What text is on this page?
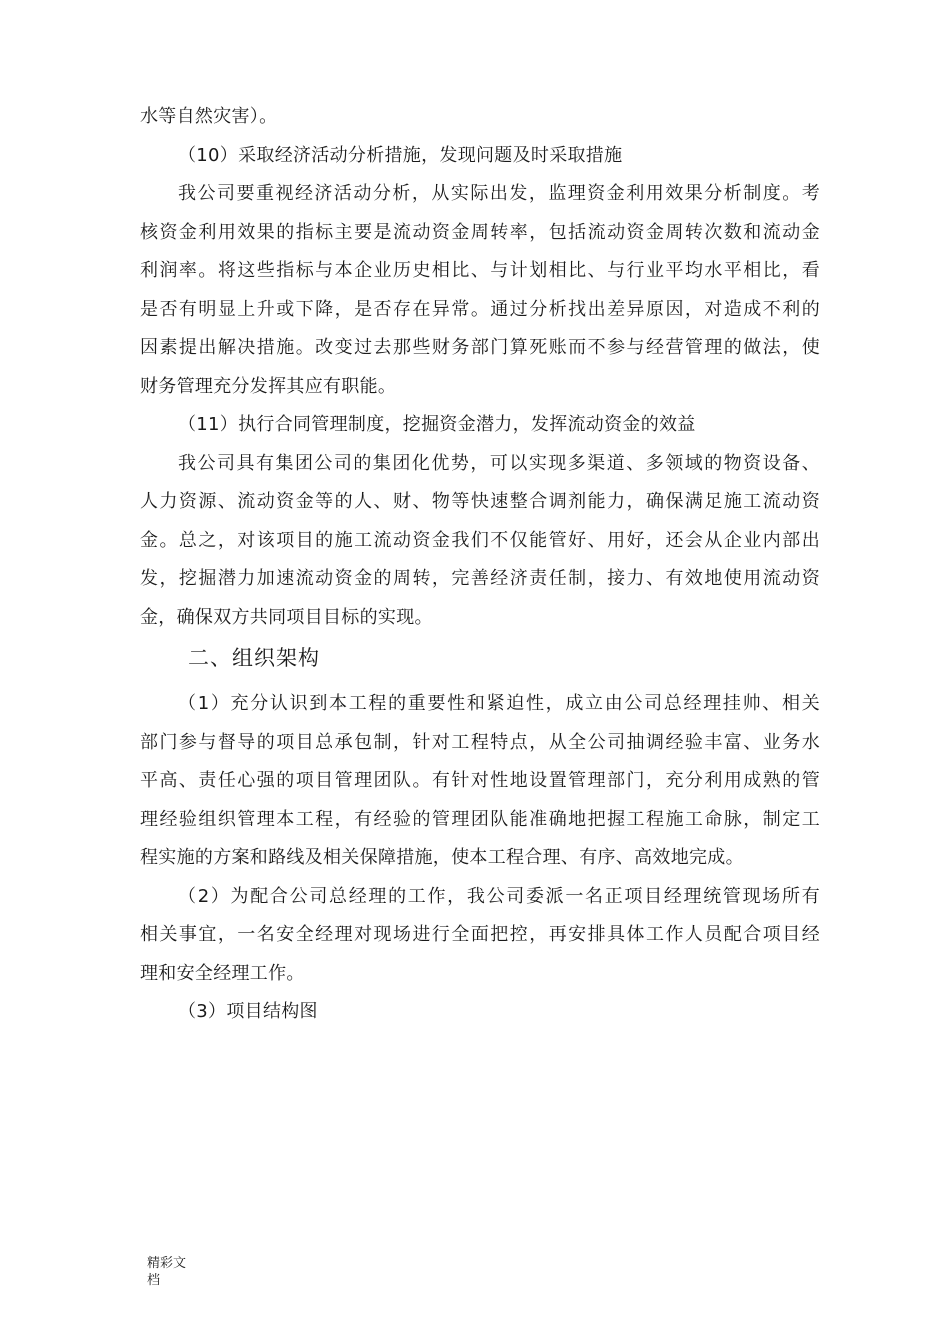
水等自然灾害）。
（10）采取经济活动分析措施，发现问题及时采取措施
我公司要重视经济活动分析，从实际出发，监理资金利用效果分析制度。考
核资金利用效果的指标主要是流动资金周转率，包括流动资金周转次数和流动金
利润率。将这些指标与本企业历史相比、与计划相比、与行业平均水平相比，看
是否有明显上升或下降，是否存在异常。通过分析找出差异原因，对造成不利的
因素提出解决措施。改变过去那些财务部门算死账而不参与经营管理的做法，使
财务管理充分发挥其应有职能。
（11）执行合同管理制度，挖掘资金潜力，发挥流动资金的效益
我公司具有集团公司的集团化优势，可以实现多渠道、多领域的物资设备、
人力资源、流动资金等的人、财、物等快速整合调剂能力，确保满足施工流动资
金。总之，对该项目的施工流动资金我们不仅能管好、用好，还会从企业内部出
发，挖掘潜力加速流动资金的周转，完善经济责任制，接力、有效地使用流动资
金，确保双方共同项目目标的实现。
二、组织架构
（1）充分认识到本工程的重要性和紧迫性，成立由公司总经理挂帅、相关
部门参与督导的项目总承包制，针对工程特点，从全公司抽调经验丰富、业务水
平高、责任心强的项目管理团队。有针对性地设置管理部门，充分利用成熟的管
理经验组织管理本工程，有经验的管理团队能准确地把握工程施工命脉，制定工
程实施的方案和路线及相关保障措施，使本工程合理、有序、高效地完成。
（2）为配合公司总经理的工作，我公司委派一名正项目经理统管现场所有
相关事宜，一名安全经理对现场进行全面把控，再安排具体工作人员配合项目经
理和安全经理工作。
（3）项目结构图
精彩文
档
